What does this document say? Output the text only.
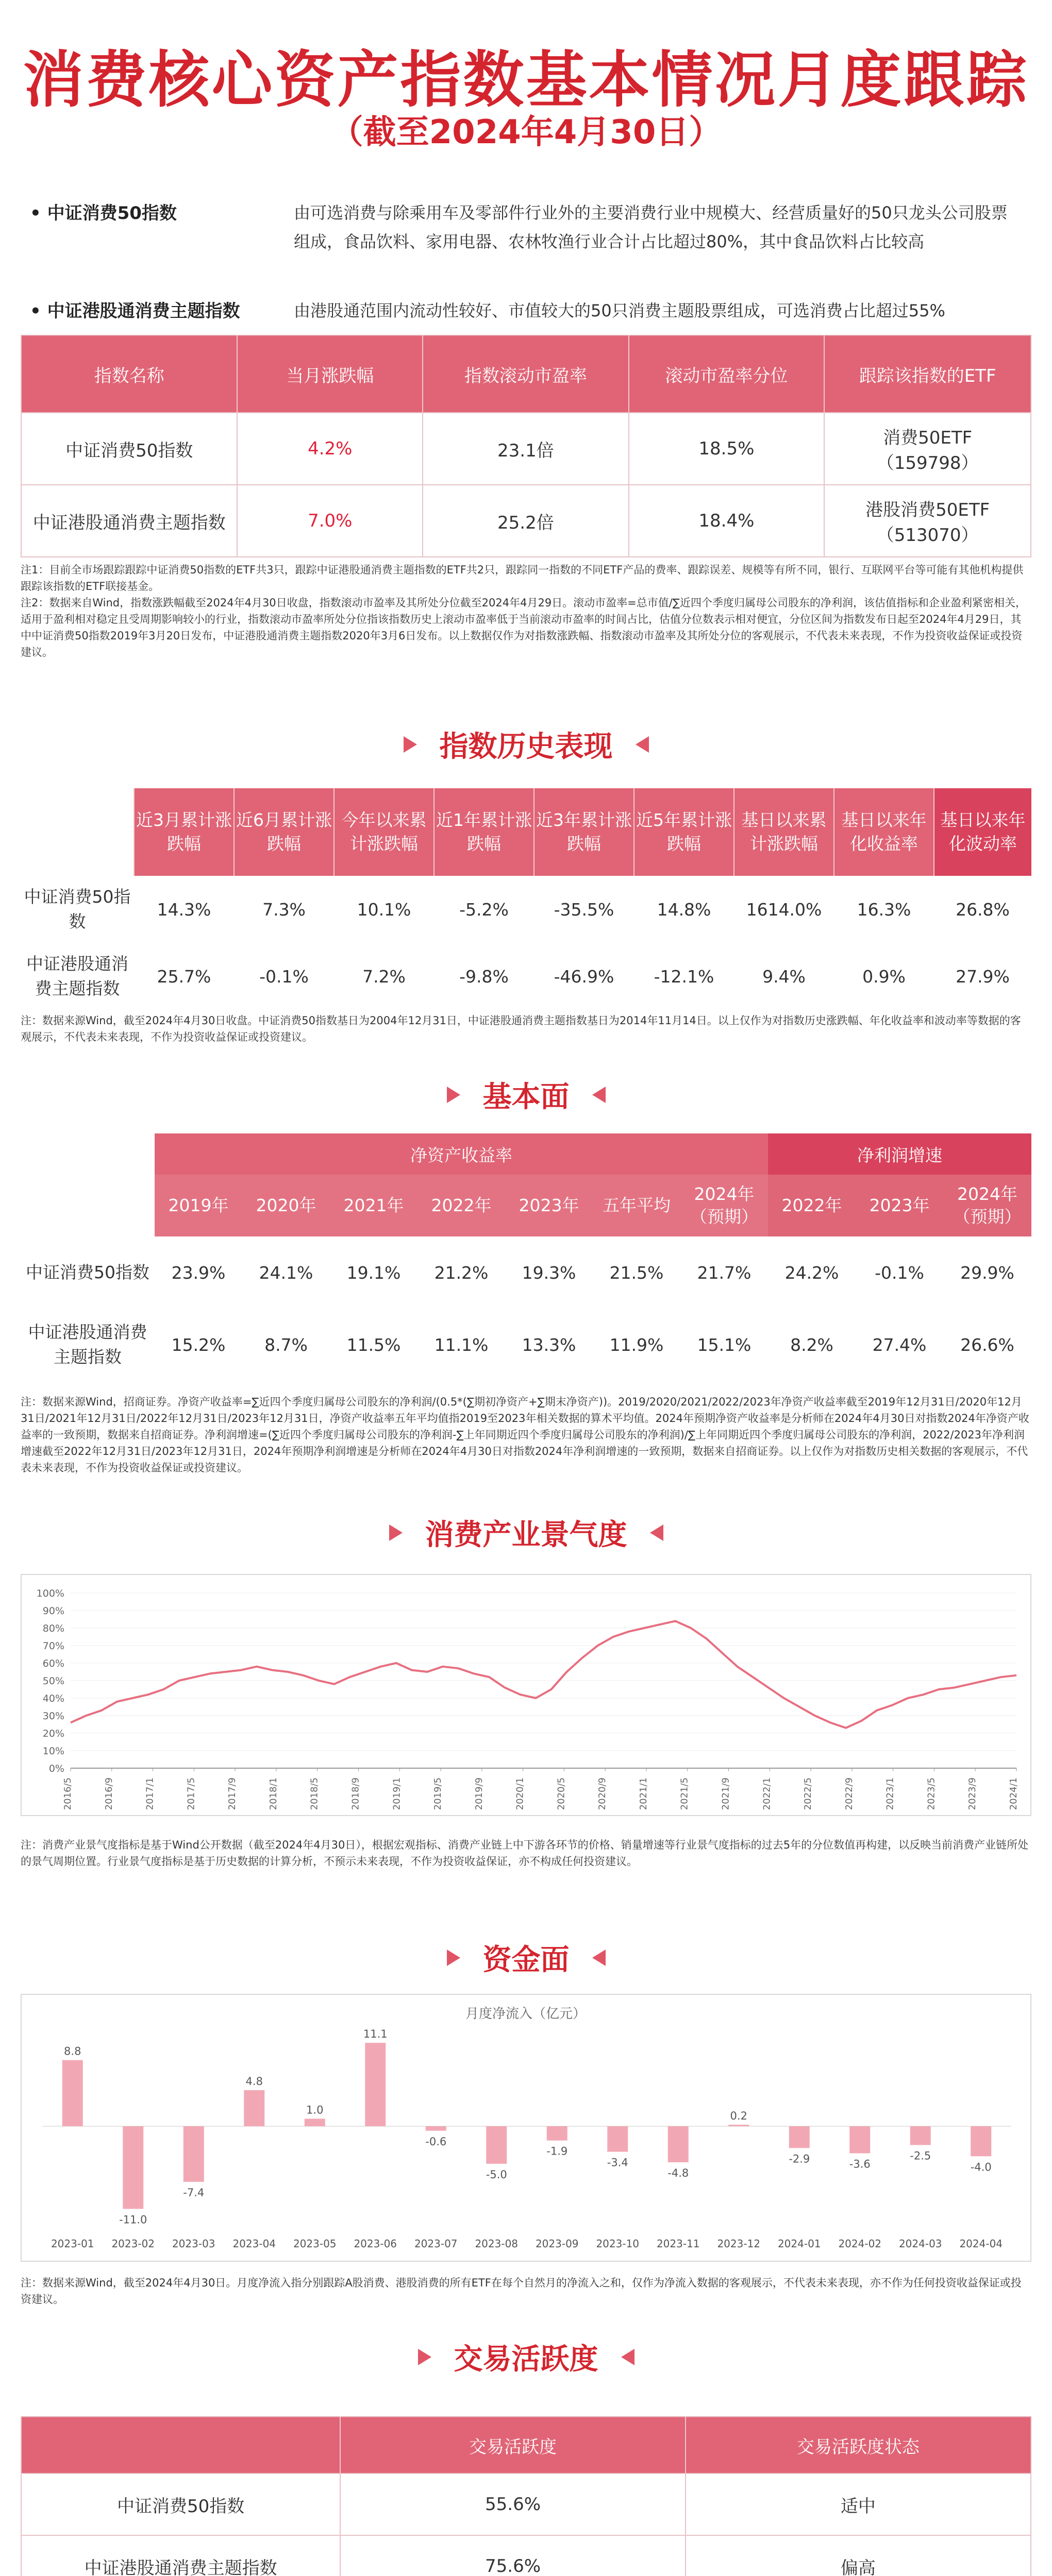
消费核心资产指数基本情况月度跟踪
（截至2024年4月30日）
• 中证消费50指数	由可选消费与除乘用车及零部件行业外的主要消费行业中规模大、经营质量好的50只龙头公司股票组成，食品饮料、家用电器、农林牧渔行业合计占比超过80%，其中食品饮料占比较高
• 中证港股通消费主题指数	由港股通范围内流动性较好、市值较大的50只消费主题股票组成，可选消费占比超过55%
指数名称	当月涨跌幅	指数滚动市盈率	滚动市盈率分位	跟踪该指数的ETF
中证消费50指数	4.2%	23.1倍	18.5%	消费50ETF
（159798）

中证港股通消费主题指数	7.0%	25.2倍	18.4%	港股消费50ETF
（513070）
注1：目前全市场跟踪跟踪中证消费50指数的ETF共3只，跟踪中证港股通消费主题指数的ETF共2只，跟踪同一指数的不同ETF产品的费率、跟踪误差、规模等有所不同，银行、互联网平台等可能有其他机构提供跟踪该指数的ETF联接基金。
注2：数据来自Wind，指数涨跌幅截至2024年4月30日收盘，指数滚动市盈率及其所处分位截至2024年4月29日。滚动市盈率=总市值/∑近四个季度归属母公司股东的净利润，该估值指标和企业盈利紧密相关，适用于盈利相对稳定且受周期影响较小的行业，指数滚动市盈率所处分位指该指数历史上滚动市盈率低于当前滚动市盈率的时间占比，估值分位数表示相对便宜，分位区间为指数发布日起至2024年4月29日，其中中证消费50指数2019年3月20日发布，中证港股通消费主题指数2020年3月6日发布。以上数据仅作为对指数涨跌幅、指数滚动市盈率及其所处分位的客观展示，不代表未来表现，不作为投资收益保证或投资建议。
指数历史表现
	近3月累计涨跌幅	近6月累计涨跌幅	今年以来累计涨跌幅	近1年累计涨跌幅	近3年累计涨跌幅	近5年累计涨跌幅	基日以来累计涨跌幅	基日以来年化收益率	基日以来年化波动率
中证消费50指数	14.3%	7.3%	10.1%	-5.2%	-35.5%	14.8%	1614.0%	16.3%	26.8%
中证港股通消费主题指数	25.7%	-0.1%	7.2%	-9.8%	-46.9%	-12.1%	9.4%	0.9%	27.9%
注：数据来源Wind，截至2024年4月30日收盘。中证消费50指数基日为2004年12月31日，中证港股通消费主题指数基日为2014年11月14日。以上仅作为对指数历史涨跌幅、年化收益率和波动率等数据的客观展示，不代表未来表现，不作为投资收益保证或投资建议。
基本面
	净资产收益率							净利润增速		
	2019年	2020年	2021年	2022年	2023年	五年平均	2024年（预期）	2022年	2023年	2024年（预期）
中证消费50指数	23.9%	24.1%	19.1%	21.2%	19.3%	21.5%	21.7%	24.2%	-0.1%	29.9%
中证港股通消费主题指数	15.2%	8.7%	11.5%	11.1%	13.3%	11.9%	15.1%	8.2%	27.4%	26.6%
注：数据来源Wind，招商证券。净资产收益率=∑近四个季度归属母公司股东的净利润/(0.5*(∑期初净资产+∑期末净资产))。2019/2020/2021/2022/2023年净资产收益率截至2019年12月31日/2020年12月31日/2021年12月31日/2022年12月31日/2023年12月31日，净资产收益率五年平均值指2019至2023年相关数据的算术平均值。2024年预期净资产收益率是分析师在2024年4月30日对指数2024年净资产收益率的一致预期，数据来自招商证券。净利润增速=(∑近四个季度归属母公司股东的净利润-∑上年同期近四个季度归属母公司股东的净利润)/∑上年同期近四个季度归属母公司股东的净利润，2022/2023年净利润增速截至2022年12月31日/2023年12月31日，2024年预期净利润增速是分析师在2024年4月30日对指数2024年净利润增速的一致预期，数据来自招商证券。以上仅作为对指数历史相关数据的客观展示，不代表未来表现，不作为投资收益保证或投资建议。
消费产业景气度
0%
10%
20%
30%
40%
50%
60%
70%
80%
90%
100%
2016/5	2016/9	2017/1	2017/5	2017/9	2018/1	2018/5	2018/9	2019/1	2019/5	2019/9	2020/1	2020/5	2020/9	2021/1	2021/5	2021/9	2022/1	2022/5	2022/9	2023/1	2023/5	2023/9	2024/1
注：消费产业景气度指标是基于Wind公开数据（截至2024年4月30日），根据宏观指标、消费产业链上中下游各环节的价格、销量增速等行业景气度指标的过去5年的分位数值再构建，以反映当前消费产业链所处的景气周期位置。行业景气度指标是基于历史数据的计算分析，不预示未来表现，不作为投资收益保证，亦不构成任何投资建议。
资金面
月度净流入（亿元）
8.8
2023-01
-11.0
2023-02
-7.4
2023-03
4.8
2023-04
1.0
2023-05
11.1
2023-06
-0.6
2023-07
-5.0
2023-08
-1.9
2023-09
-3.4
2023-10
-4.8
2023-11
0.2
2023-12
-2.9
2024-01
-3.6
2024-02
-2.5
2024-03
-4.0
2024-04
注：数据来源Wind，截至2024年4月30日。月度净流入指分别跟踪A股消费、港股消费的所有ETF在每个自然月的净流入之和，仅作为净流入数据的客观展示，不代表未来表现，亦不作为任何投资收益保证或投资建议。
交易活跃度
	交易活跃度	交易活跃度状态
中证消费50指数	55.6%	适中
中证港股通消费主题指数	75.6%	偏高
